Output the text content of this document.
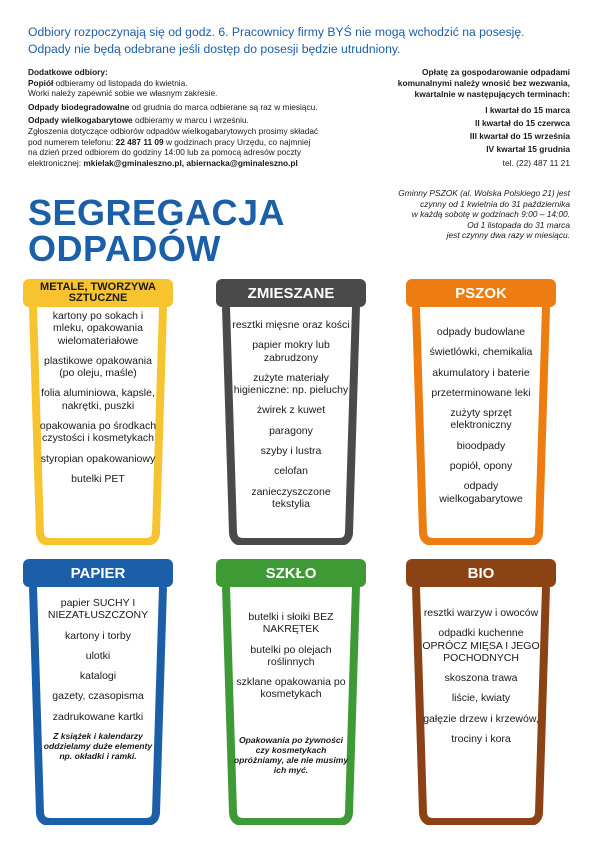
Odbiory rozpoczynają się od godz. 6. Pracownicy firmy BYŚ nie mogą wchodzić na posesję.
Odpady nie będą odebrane jeśli dostęp do posesji będzie utrudniony.

Dodatkowe odbiory:
Popiół odbieramy od listopada do kwietnia.
Worki należy zapewnić sobie we własnym zakresie.

Odpady biodegradowalne od grudnia do marca odbierane są raz w miesiącu.

Odpady wielkogabarytowe odbieramy w marcu i wrześniu.
Zgłoszenia dotyczące odbiorów odpadów wielkogabarytowych prosimy składać
pod numerem telefonu: 22 487 11 09 w godzinach pracy Urzędu, co najmniej
na dzień przed odbiorem do godziny 14:00 lub za pomocą adresów poczty
elektronicznej: mkielak@gminaleszno.pl, abiernacka@gminaleszno.pl

Opłatę za gospodarowanie odpadami
komunalnymi należy wnosić bez wezwania,
kwartalnie w następujących terminach:
I kwartał do 15 marca
II kwartał do 15 czerwca
III kwartał do 15 września
IV kwartał 15 grudnia
tel. (22) 487 11 21
Gminny PSZOK (al. Wolska Polskiego 21) jest
czynny od 1 kwietnia do 31 października
w każdą sobotę w godzinach 9:00 – 14:00.
Od 1 listopada do 31 marca
jest czynny dwa razy w miesiącu.
SEGREGACJA
ODPADÓW
METALE, TWORZYWA
SZTUCZNE
kartony po sokach i mleku, opakowania wielomateriałowe
plastikowe opakowania (po oleju, maśle)
folia aluminiowa, kapsle, nakrętki, puszki
opakowania po środkach czystości i kosmetykach
styropian opakowaniowy
butelki PET
ZMIESZANE
resztki mięsne oraz kości
papier mokry lub zabrudzony
zużyte materiały higieniczne: np. pieluchy
żwirek z kuwet
paragony
szyby i lustra
celofan
zanieczyszczone tekstylia
PSZOK
odpady budowlane
świetlówki, chemikalia
akumulatory i baterie
przeterminowane leki
zużyty sprzęt elektroniczny
bioodpady
popiół, opony
odpady wielkogabarytowe
PAPIER
papier SUCHY I NIEZATŁUSZCZONY
kartony i torby
ulotki
katalogi
gazety, czasopisma
zadrukowane kartki
Z książek i kalendarzy oddzielamy duże elementy np. okładki i ramki.
SZKŁO
butelki i słoiki BEZ NAKRĘTEK
butelki po olejach roślinnych
szklane opakowania po kosmetykach
Opakowania po żywności czy kosmetykach opróżniamy, ale nie musimy ich myć.
BIO
resztki warzyw i owoców
odpadki kuchenne OPRÓCZ MIĘSA I JEGO POCHODNYCH
skoszona trawa
liście, kwiaty
gałęzie drzew i krzewów,
trociny i kora
